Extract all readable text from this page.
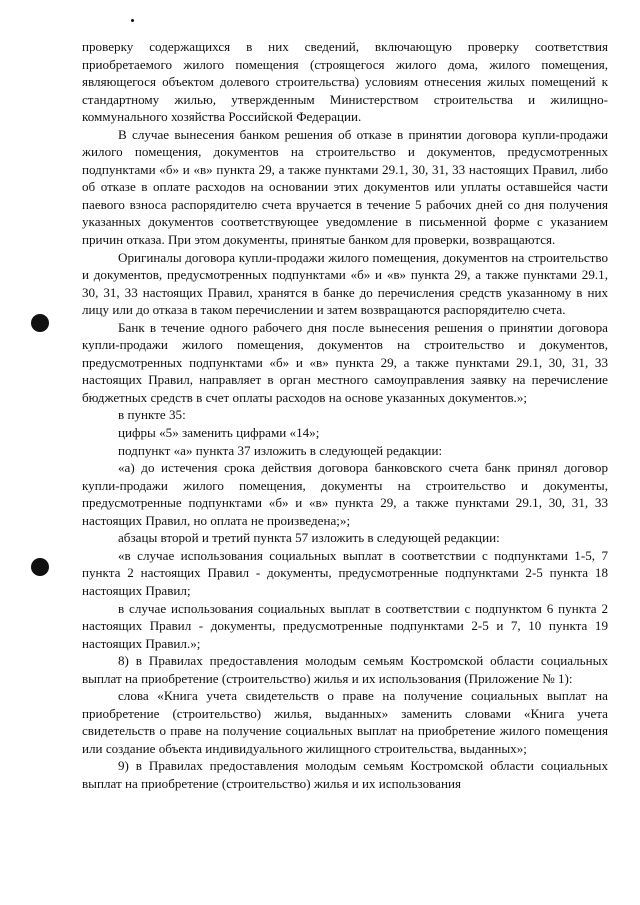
проверку содержащихся в них сведений, включающую проверку соответствия приобретаемого жилого помещения (строящегося жилого дома, жилого помещения, являющегося объектом долевого строительства) условиям отнесения жилых помещений к стандартному жилью, утвержденным Министерством строительства и жилищно-коммунального хозяйства Российской Федерации.

В случае вынесения банком решения об отказе в принятии договора купли-продажи жилого помещения, документов на строительство и документов, предусмотренных подпунктами «б» и «в» пункта 29, а также пунктами 29.1, 30, 31, 33 настоящих Правил, либо об отказе в оплате расходов на основании этих документов или уплаты оставшейся части паевого взноса распорядителю счета вручается в течение 5 рабочих дней со дня получения указанных документов соответствующее уведомление в письменной форме с указанием причин отказа. При этом документы, принятые банком для проверки, возвращаются.

Оригиналы договора купли-продажи жилого помещения, документов на строительство и документов, предусмотренных подпунктами «б» и «в» пункта 29, а также пунктами 29.1, 30, 31, 33 настоящих Правил, хранятся в банке до перечисления средств указанному в них лицу или до отказа в таком перечислении и затем возвращаются распорядителю счета.

Банк в течение одного рабочего дня после вынесения решения о принятии договора купли-продажи жилого помещения, документов на строительство и документов, предусмотренных подпунктами «б» и «в» пункта 29, а также пунктами 29.1, 30, 31, 33 настоящих Правил, направляет в орган местного самоуправления заявку на перечисление бюджетных средств в счет оплаты расходов на основе указанных документов.»;

в пункте 35:

цифры «5» заменить цифрами «14»;

подпункт «а» пункта 37 изложить в следующей редакции:

«а) до истечения срока действия договора банковского счета банк принял договор купли-продажи жилого помещения, документы на строительство и документы, предусмотренные подпунктами «б» и «в» пункта 29, а также пунктами 29.1, 30, 31, 33 настоящих Правил, но оплата не произведена;»;

абзацы второй и третий пункта 57 изложить в следующей редакции:

«в случае использования социальных выплат в соответствии с подпунктами 1-5, 7 пункта 2 настоящих Правил - документы, предусмотренные подпунктами 2-5 пункта 18 настоящих Правил;

в случае использования социальных выплат в соответствии с подпунктом 6 пункта 2 настоящих Правил - документы, предусмотренные подпунктами 2-5 и 7, 10 пункта 19 настоящих Правил.»;

8) в Правилах предоставления молодым семьям Костромской области социальных выплат на приобретение (строительство) жилья и их использования (Приложение № 1):

слова «Книга учета свидетельств о праве на получение социальных выплат на приобретение (строительство) жилья, выданных» заменить словами «Книга учета свидетельств о праве на получение социальных выплат на приобретение жилого помещения или создание объекта индивидуального жилищного строительства, выданных»;

9) в Правилах предоставления молодым семьям Костромской области социальных выплат на приобретение (строительство) жилья и их использования
